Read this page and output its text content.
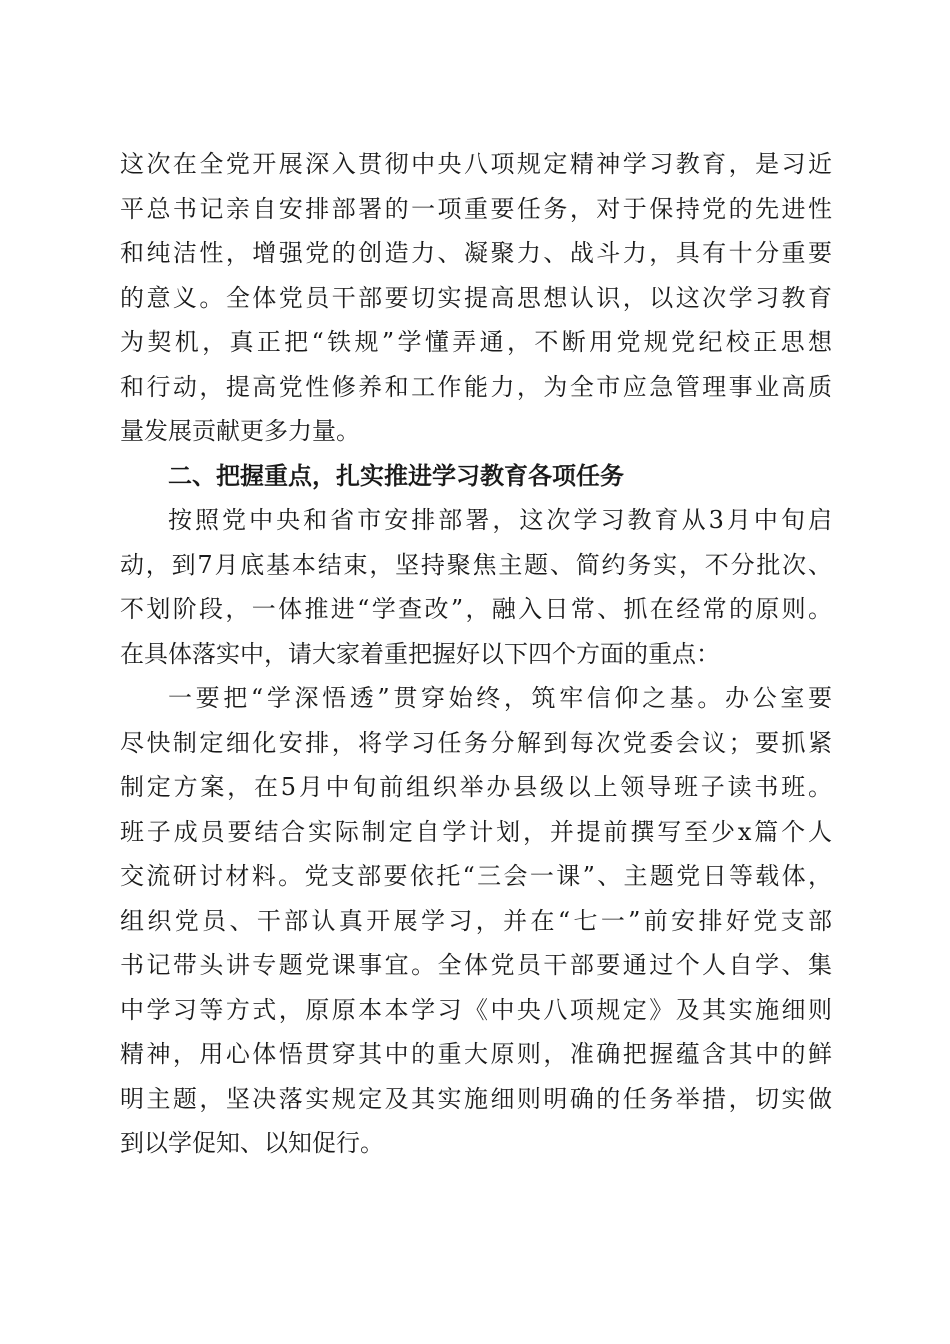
这次在全党开展深入贯彻中央八项规定精神学习教育，是习近
平总书记亲自安排部署的一项重要任务，对于保持党的先进性
和纯洁性，增强党的创造力、凝聚力、战斗力，具有十分重要
的意义。全体党员干部要切实提高思想认识，以这次学习教育
为契机，真正把“铁规”学懂弄通，不断用党规党纪校正思想
和行动，提高党性修养和工作能力，为全市应急管理事业高质
量发展贡献更多力量。
二、把握重点，扎实推进学习教育各项任务
按照党中央和省市安排部署，这次学习教育从3月中旬启
动，到7月底基本结束，坚持聚焦主题、简约务实，不分批次、
不划阶段，一体推进“学查改”，融入日常、抓在经常的原则。
在具体落实中，请大家着重把握好以下四个方面的重点：
一要把“学深悟透”贯穿始终，筑牢信仰之基。办公室要
尽快制定细化安排，将学习任务分解到每次党委会议；要抓紧
制定方案，在5月中旬前组织举办县级以上领导班子读书班。
班子成员要结合实际制定自学计划，并提前撰写至少x篇个人
交流研讨材料。党支部要依托“三会一课”、主题党日等载体，
组织党员、干部认真开展学习，并在“七一”前安排好党支部
书记带头讲专题党课事宜。全体党员干部要通过个人自学、集
中学习等方式，原原本本学习《中央八项规定》及其实施细则
精神，用心体悟贯穿其中的重大原则，准确把握蕴含其中的鲜
明主题，坚决落实规定及其实施细则明确的任务举措，切实做
到以学促知、以知促行。
